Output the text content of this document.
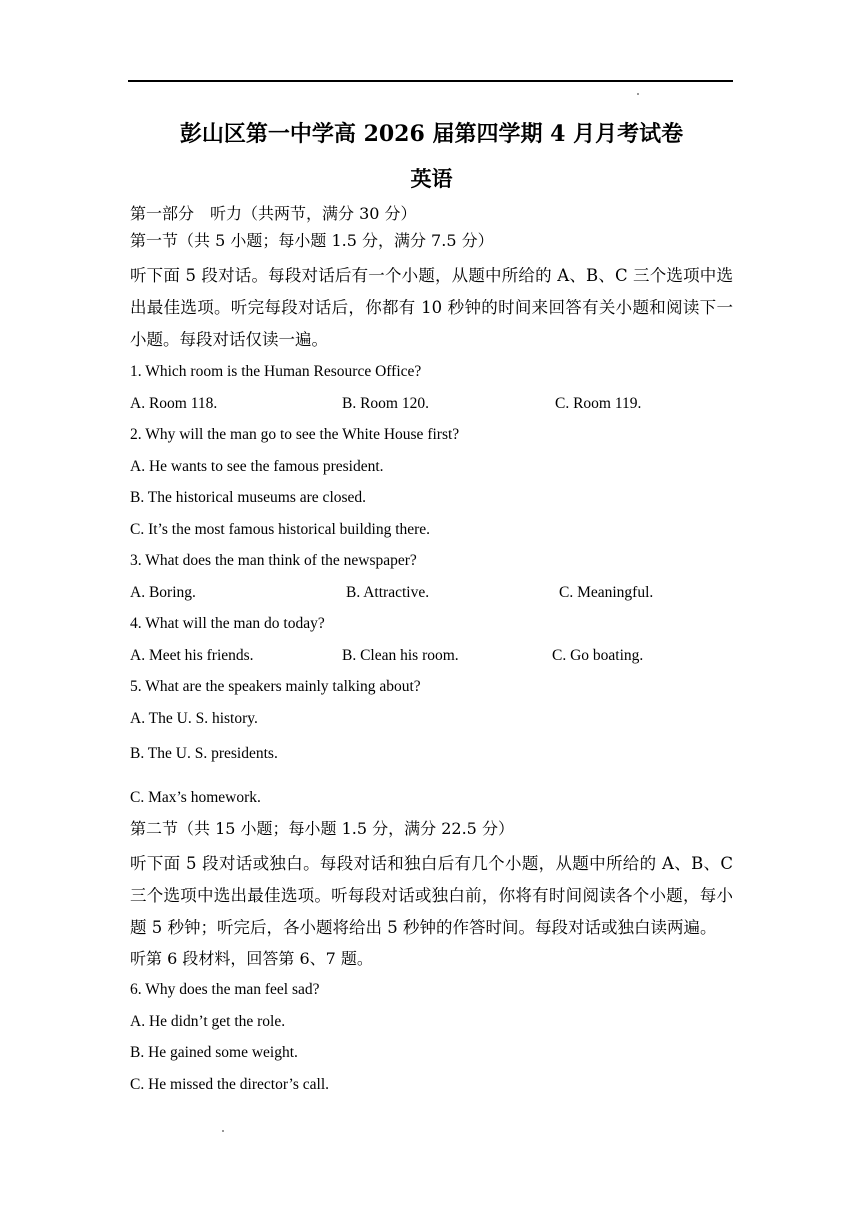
彭山区第一中学高 2026 届第四学期 4 月月考试卷
英语

第一部分　听力（共两节，满分 30 分）

第一节（共 5 小题；每小题 1.5 分，满分 7.5 分）

听下面 5 段对话。每段对话后有一个小题，从题中所给的 A、B、C 三个选项中选出最佳选项。听完每段对话后，你都有 10 秒钟的时间来回答有关小题和阅读下一小题。每段对话仅读一遍。

1. Which room is the Human Resource Office?

A. Room 118.	B. Room 120.	C. Room 119.

2. Why will the man go to see the White House first?

A. He wants to see the famous president.

B. The historical museums are closed.

C. It’s the most famous historical building there.

3. What does the man think of the newspaper?

A. Boring.	B. Attractive.	C. Meaningful.

4. What will the man do today?

A. Meet his friends.	B. Clean his room.	C. Go boating.

5. What are the speakers mainly talking about?

A. The U. S. history.

B. The U. S. presidents.

C. Max’s homework.

第二节（共 15 小题；每小题 1.5 分，满分 22.5 分）

听下面 5 段对话或独白。每段对话和独白后有几个小题，从题中所给的 A、B、C 三个选项中选出最佳选项。听每段对话或独白前，你将有时间阅读各个小题，每小题 5 秒钟；听完后，各小题将给出 5 秒钟的作答时间。每段对话或独白读两遍。

听第 6 段材料，回答第 6、7 题。

6. Why does the man feel sad?

A. He didn’t get the role.

B. He gained some weight.

C. He missed the director’s call.
